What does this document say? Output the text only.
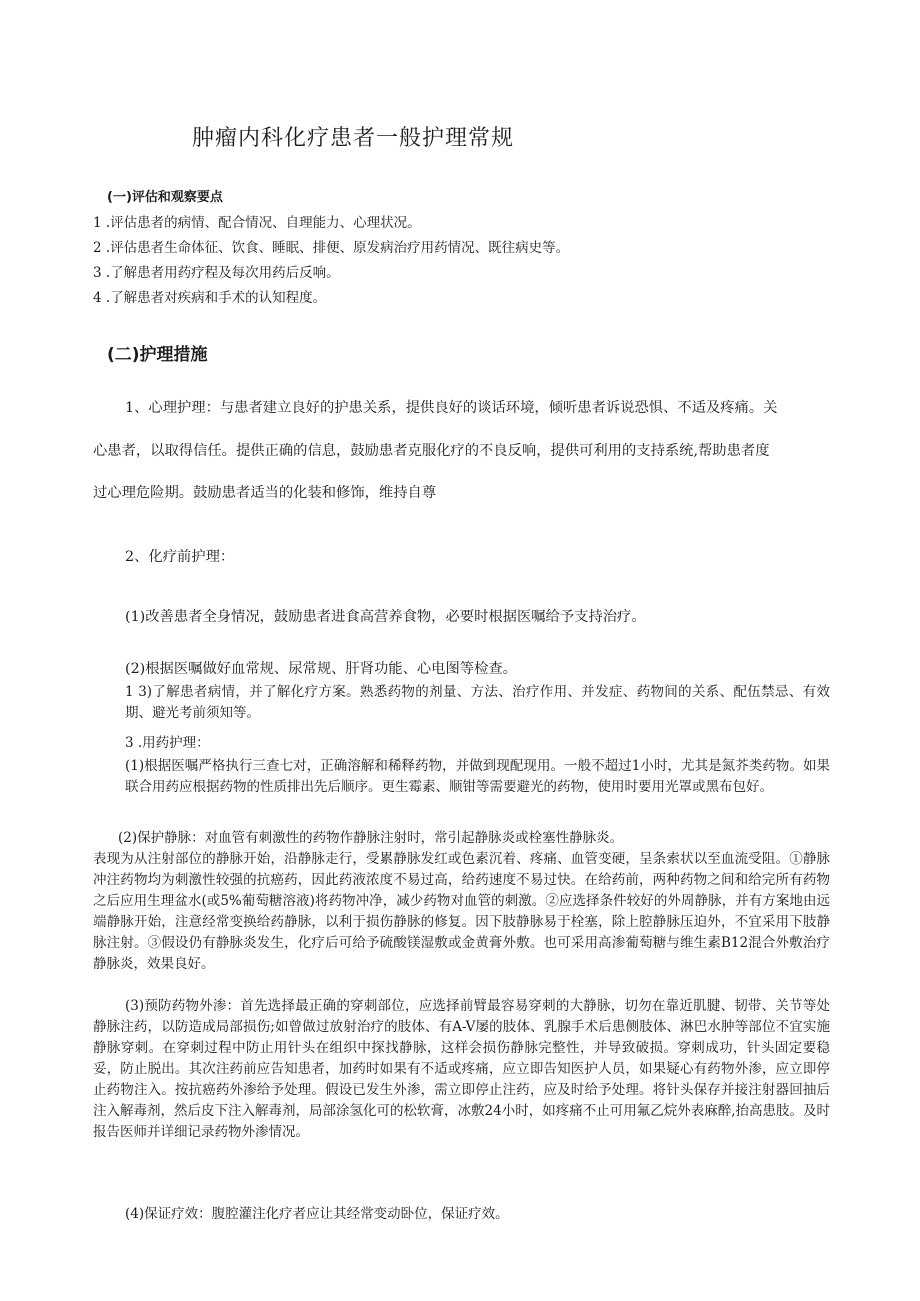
肿瘤内科化疗患者一般护理常规
(一)评估和观察要点
1 .评估患者的病情、配合情况、自理能力、心理状况。
2 .评估患者生命体征、饮食、睡眠、排便、原发病治疗用药情况、既往病史等。
3 .了解患者用药疗程及每次用药后反响。
4 .了解患者对疾病和手术的认知程度。
(二)护理措施
1、心理护理：与患者建立良好的护患关系，提供良好的谈话环境，倾听患者诉说恐惧、不适及疼痛。关
心患者，以取得信任。提供正确的信息，鼓励患者克服化疗的不良反响，提供可利用的支持系统,帮助患者度
过心理危险期。鼓励患者适当的化装和修饰，维持自尊
2、化疗前护理：
(1)改善患者全身情况，鼓励患者进食高营养食物，必要时根据医嘱给予支持治疗。
(2)根据医嘱做好血常规、尿常规、肝肾功能、心电图等检查。
1 3)了解患者病情，并了解化疗方案。熟悉药物的剂量、方法、治疗作用、并发症、药物间的关系、配伍禁忌、有效期、避光考前须知等。
3 .用药护理：
(1)根据医嘱严格执行三查七对，正确溶解和稀释药物，并做到现配现用。一般不超过1小时，尤其是氮芥类药物。如果联合用药应根据药物的性质排出先后顺序。更生霉素、顺钳等需要避光的药物，使用时要用光罩或黑布包好。
(2)保护静脉：对血管有刺激性的药物作静脉注射时，常引起静脉炎或栓塞性静脉炎。
表现为从注射部位的静脉开始，沿静脉走行，受累静脉发红或色素沉着、疼痛、血管变硬，呈条索状以至血流受阻。①静脉冲注药物均为刺激性较强的抗癌药，因此药液浓度不易过高，给药速度不易过快。在给药前，两种药物之间和给完所有药物之后应用生理盆水(或5%葡萄糖溶液)将药物冲净，减少药物对血管的刺激。②应选择条件较好的外周静脉，并有方案地由远端静脉开始，注意经常变换给药静脉，以利于损伤静脉的修复。因下肢静脉易于栓塞，除上腔静脉压迫外，不宜采用下肢静脉注射。③假设仍有静脉炎发生，化疗后可给予硫酸镁湿敷或金黄膏外敷。也可采用高渗葡萄糖与维生素B12混合外敷治疗静脉炎，效果良好。
(3)预防药物外渗：首先选择最正确的穿刺部位，应选择前臂最容易穿刺的大静脉，切勿在靠近肌腱、韧带、关节等处静脉注药，以防造成局部损伤;如曾做过放射治疗的肢体、有A-V屡的肢体、乳腺手术后患侧肢体、淋巴水肿等部位不宜实施静脉穿刺。在穿刺过程中防止用针头在组织中探找静脉，这样会损伤静脉完整性，并导致破损。穿刺成功，针头固定要稳妥，防止脱出。其次注药前应告知患者，加药时如果有不适或疼痛，应立即告知医护人员，如果疑心有药物外渗，应立即停止药物注入。按抗癌药外渗给予处理。假设已发生外渗，需立即停止注药，应及时给予处理。将针头保存并接注射器回抽后注入解毒剂，然后皮下注入解毒剂，局部涂氢化可的松软膏，冰敷24小时，如疼痛不止可用氟乙烷外表麻醉,抬高患肢。及时报告医师并详细记录药物外渗情况。
(4)保证疗效：腹腔灌注化疗者应让其经常变动卧位，保证疗效。
